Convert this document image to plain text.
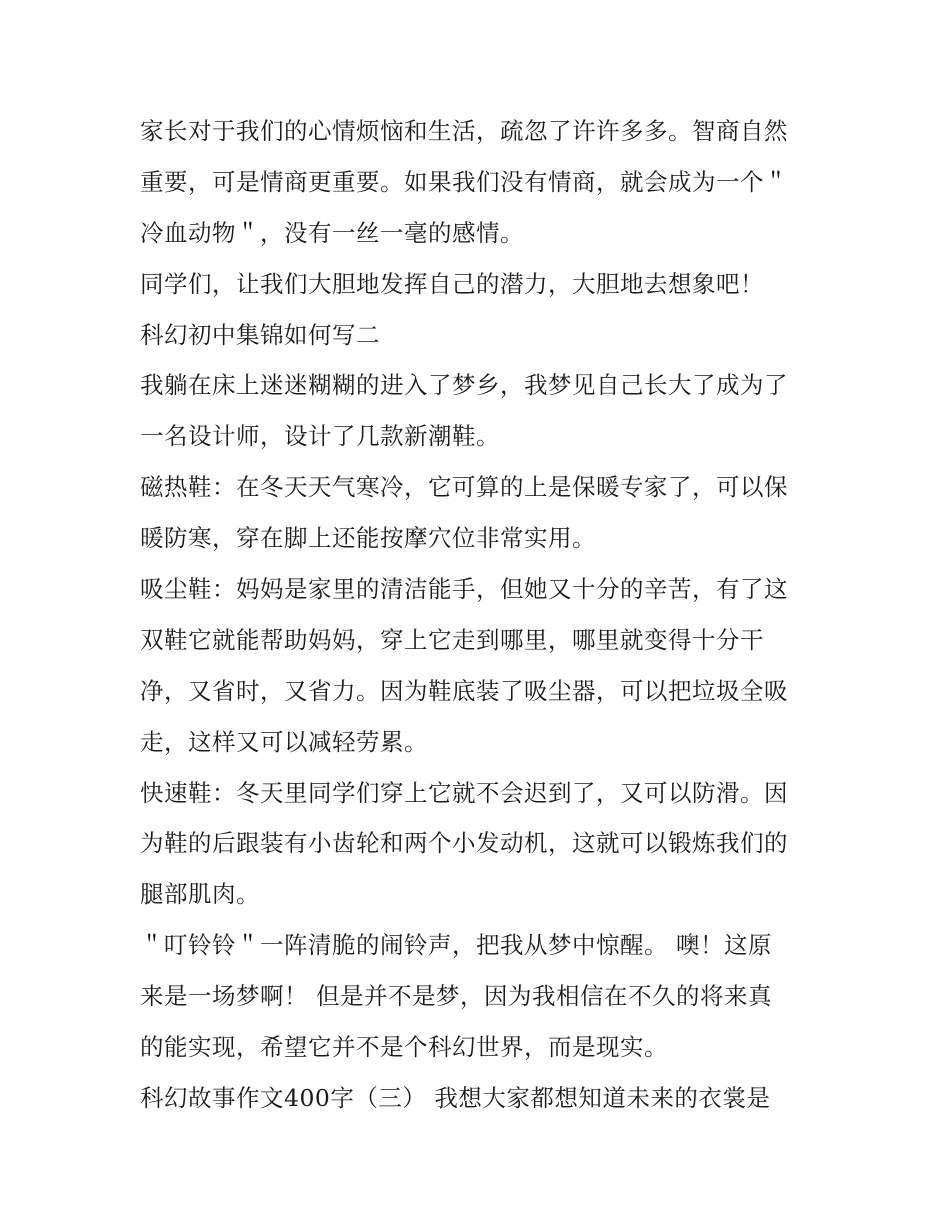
家长对于我们的心情烦恼和生活，疏忽了许许多多。智商自然
重要，可是情商更重要。如果我们没有情商，就会成为一个＂
冷血动物＂，没有一丝一毫的感情。
同学们，让我们大胆地发挥自己的潜力，大胆地去想象吧！
科幻初中集锦如何写二
我躺在床上迷迷糊糊的进入了梦乡，我梦见自己长大了成为了
一名设计师，设计了几款新潮鞋。
磁热鞋：在冬天天气寒冷，它可算的上是保暖专家了，可以保
暖防寒，穿在脚上还能按摩穴位非常实用。
吸尘鞋：妈妈是家里的清洁能手，但她又十分的辛苦，有了这
双鞋它就能帮助妈妈，穿上它走到哪里，哪里就变得十分干
净，又省时，又省力。因为鞋底装了吸尘器，可以把垃圾全吸
走，这样又可以减轻劳累。
快速鞋：冬天里同学们穿上它就不会迟到了，又可以防滑。因
为鞋的后跟装有小齿轮和两个小发动机，这就可以锻炼我们的
腿部肌肉。
＂叮铃铃＂一阵清脆的闹铃声，把我从梦中惊醒。 噢！这原
来是一场梦啊！ 但是并不是梦，因为我相信在不久的将来真
的能实现，希望它并不是个科幻世界，而是现实。
科幻故事作文400字（三） 我想大家都想知道未来的衣裳是
